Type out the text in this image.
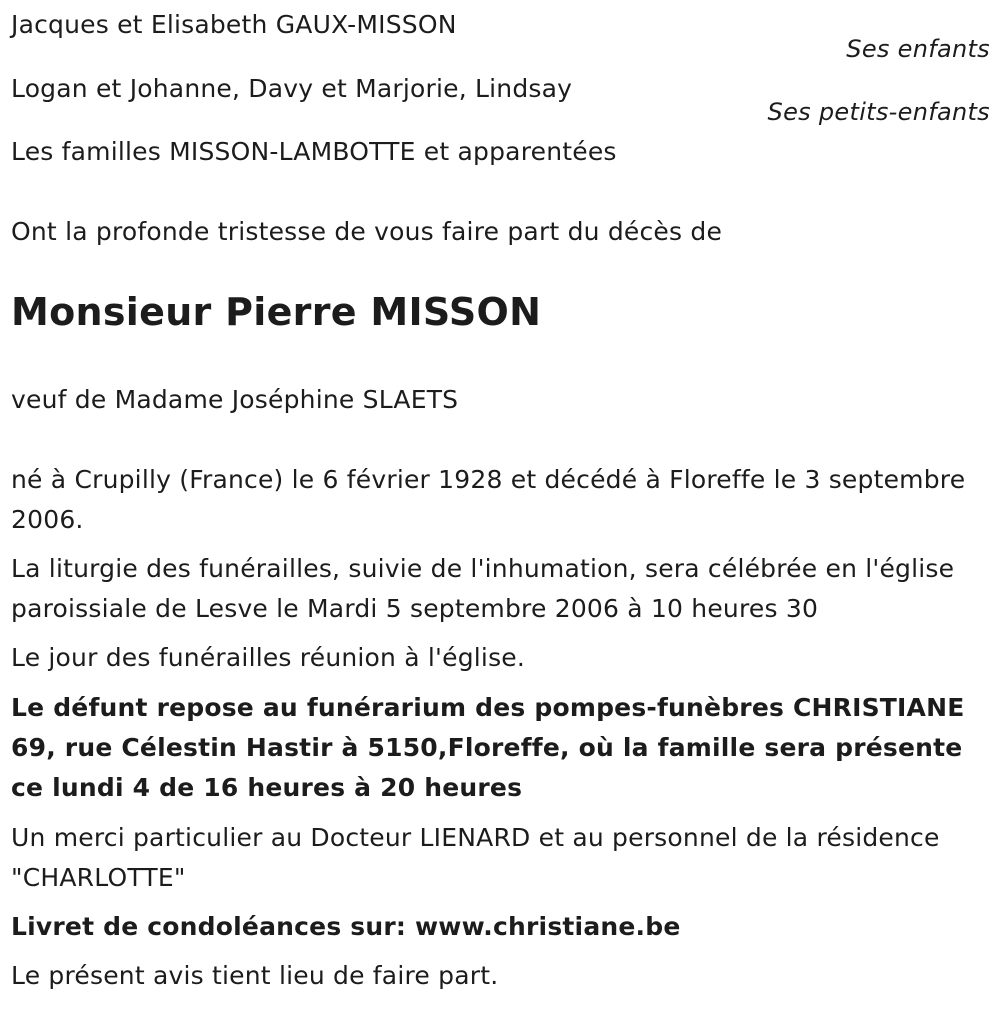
Jacques et Elisabeth GAUX-MISSON
Ses enfants
Logan et Johanne, Davy et Marjorie, Lindsay
Ses petits-enfants
Les familles MISSON-LAMBOTTE et apparentées
Ont la profonde tristesse de vous faire part du décès de
Monsieur Pierre MISSON
veuf de Madame Joséphine SLAETS
né à Crupilly (France) le 6 février 1928 et décédé à Floreffe le 3 septembre 2006.
La liturgie des funérailles, suivie de l'inhumation, sera célébrée en l'église paroissiale de Lesve le Mardi 5 septembre 2006 à 10 heures 30
Le jour des funérailles réunion à l'église.
Le défunt repose au funérarium des pompes-funèbres CHRISTIANE 69, rue Célestin Hastir à 5150,Floreffe, où la famille sera présente ce lundi 4 de 16 heures à 20 heures
Un merci particulier au Docteur LIENARD et au personnel de la résidence "CHARLOTTE"
Livret de condoléances sur: www.christiane.be
Le présent avis tient lieu de faire part.
